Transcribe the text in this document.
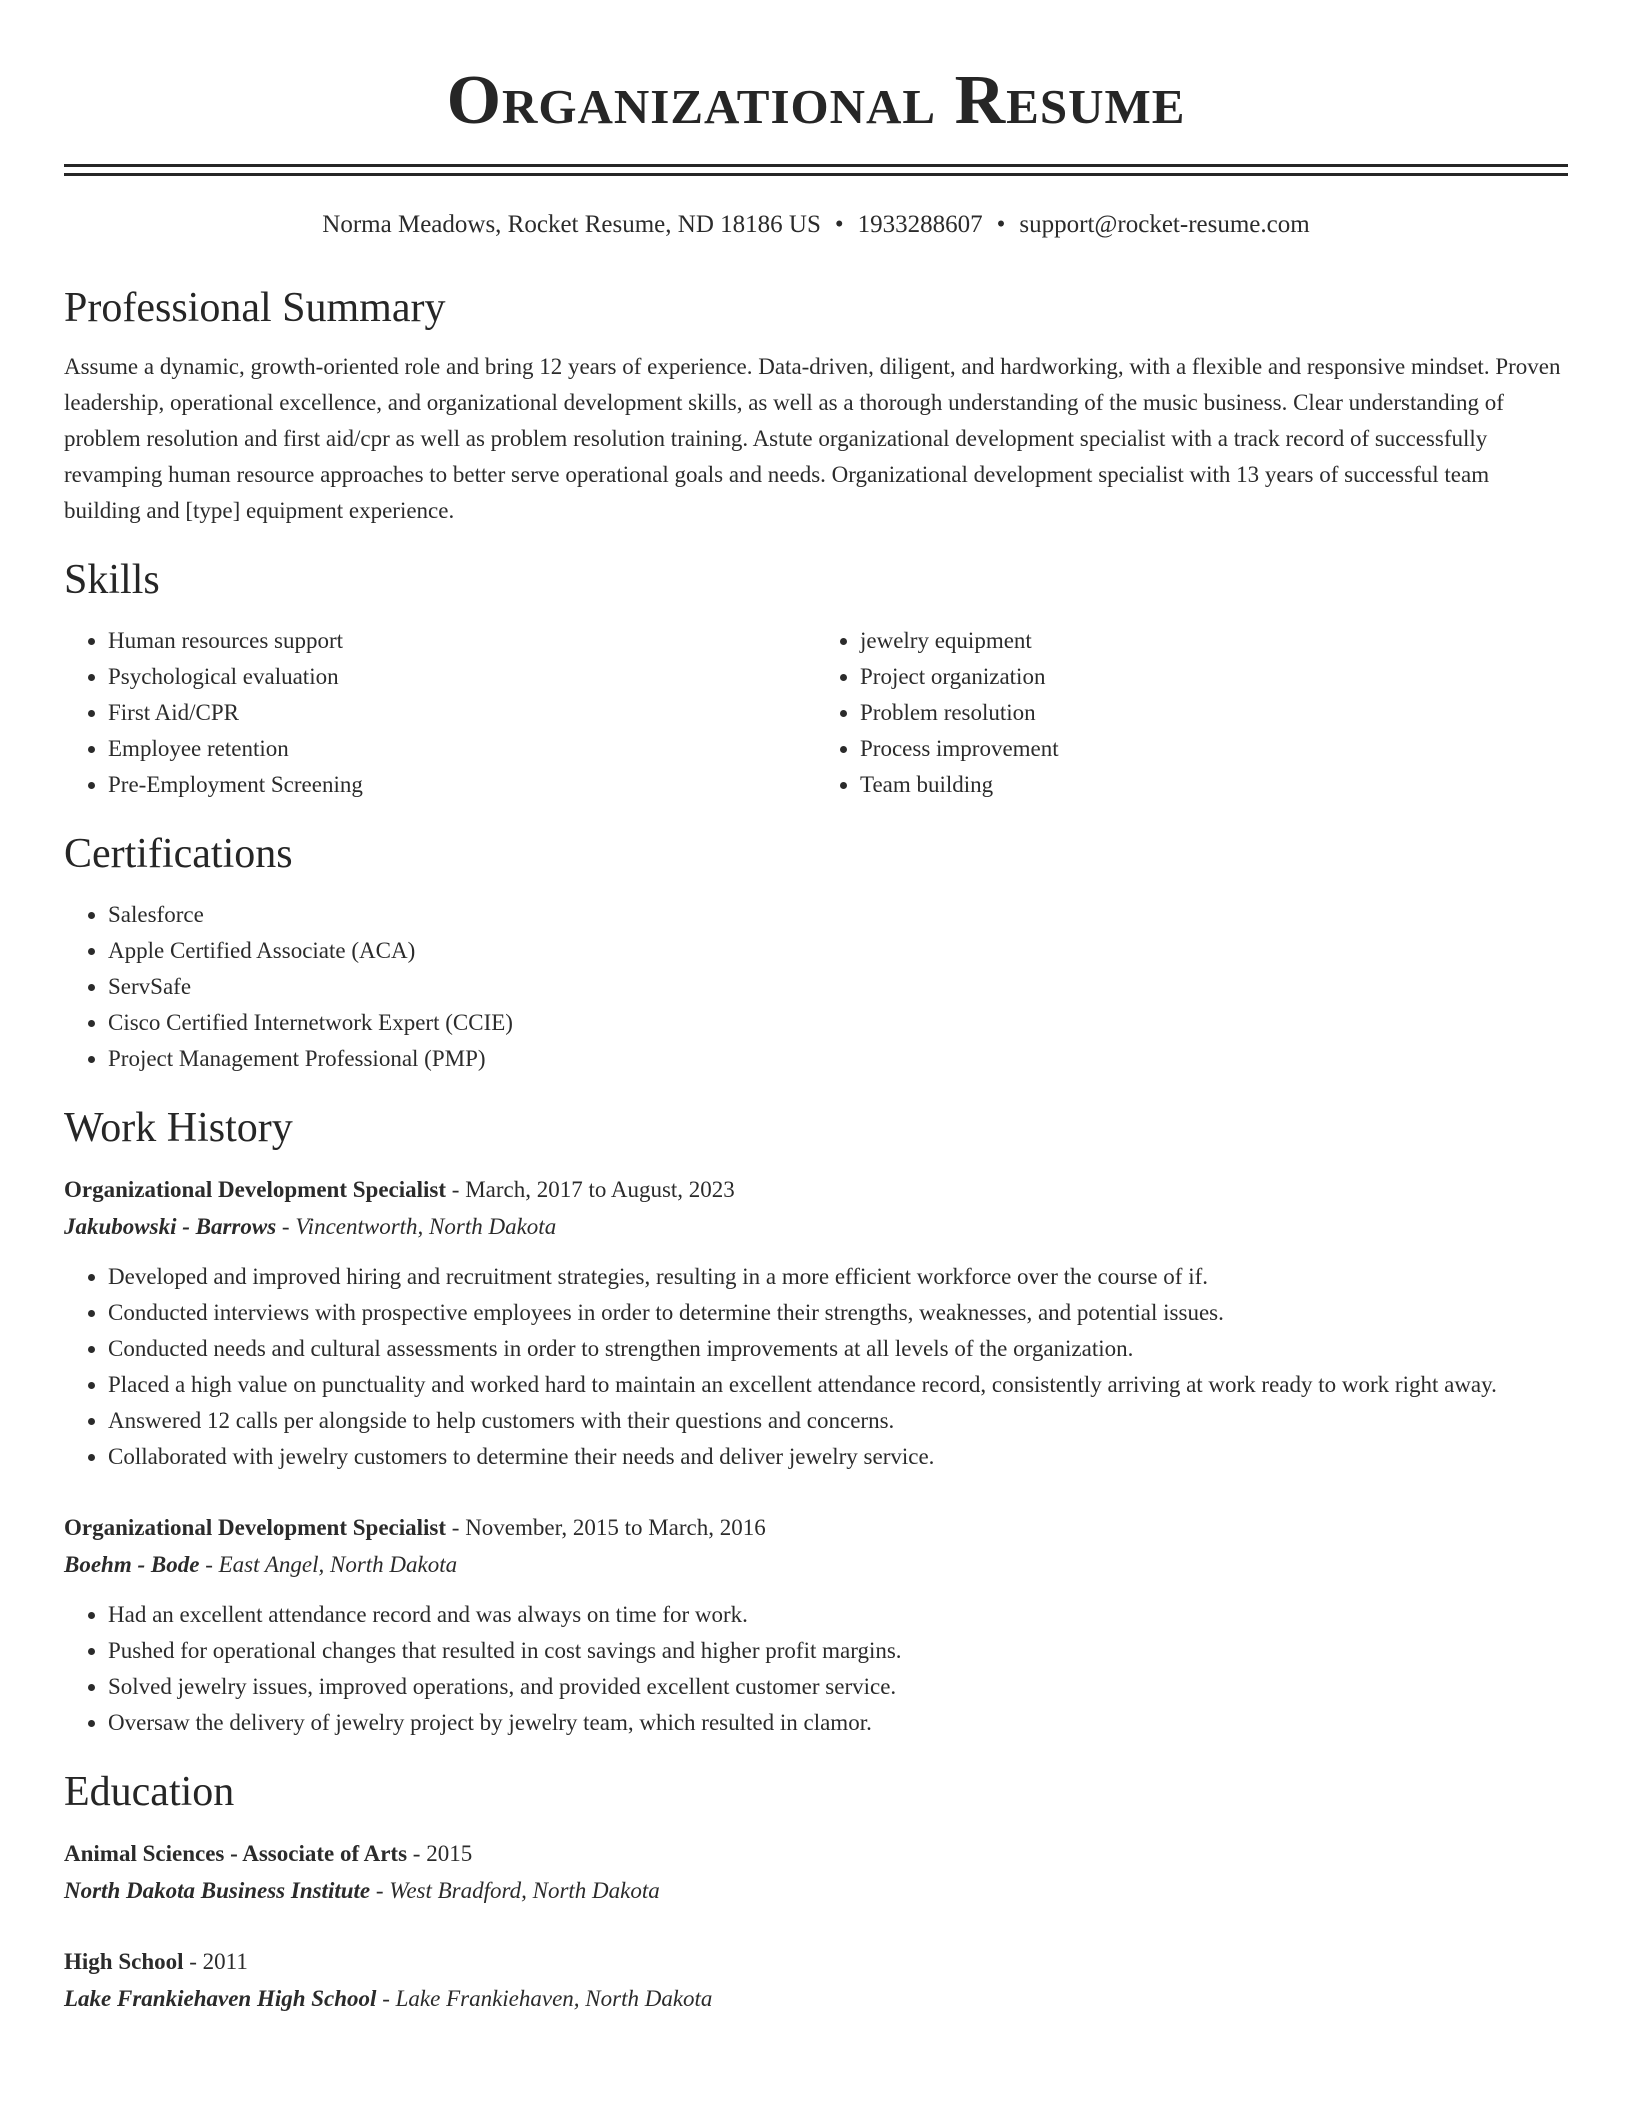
Organizational Resume
Norma Meadows, Rocket Resume, ND 18186 US • 1933288607 • support@rocket-resume.com
Professional Summary

Assume a dynamic, growth-oriented role and bring 12 years of experience. Data-driven, diligent, and hardworking, with a flexible and responsive mindset. Proven leadership, operational excellence, and organizational development skills, as well as a thorough understanding of the music business. Clear understanding of problem resolution and first aid/cpr as well as problem resolution training. Astute organizational development specialist with a track record of successfully revamping human resource approaches to better serve operational goals and needs. Organizational development specialist with 13 years of successful team building and [type] equipment experience.

Skills
• Human resources support
• Psychological evaluation
• First Aid/CPR
• Employee retention
• Pre-Employment Screening
• jewelry equipment
• Project organization
• Problem resolution
• Process improvement
• Team building
Certifications
• Salesforce
• Apple Certified Associate (ACA)
• ServSafe
• Cisco Certified Internetwork Expert (CCIE)
• Project Management Professional (PMP)
Work History
Organizational Development Specialist - March, 2017 to August, 2023
Jakubowski - Barrows - Vincentworth, North Dakota
• Developed and improved hiring and recruitment strategies, resulting in a more efficient workforce over the course of if.
• Conducted interviews with prospective employees in order to determine their strengths, weaknesses, and potential issues.
• Conducted needs and cultural assessments in order to strengthen improvements at all levels of the organization.
• Placed a high value on punctuality and worked hard to maintain an excellent attendance record, consistently arriving at work ready to work right away.
• Answered 12 calls per alongside to help customers with their questions and concerns.
• Collaborated with jewelry customers to determine their needs and deliver jewelry service.
Organizational Development Specialist - November, 2015 to March, 2016
Boehm - Bode - East Angel, North Dakota
• Had an excellent attendance record and was always on time for work.
• Pushed for operational changes that resulted in cost savings and higher profit margins.
• Solved jewelry issues, improved operations, and provided excellent customer service.
• Oversaw the delivery of jewelry project by jewelry team, which resulted in clamor.
Education
Animal Sciences - Associate of Arts - 2015
North Dakota Business Institute - West Bradford, North Dakota
High School - 2011
Lake Frankiehaven High School - Lake Frankiehaven, North Dakota
